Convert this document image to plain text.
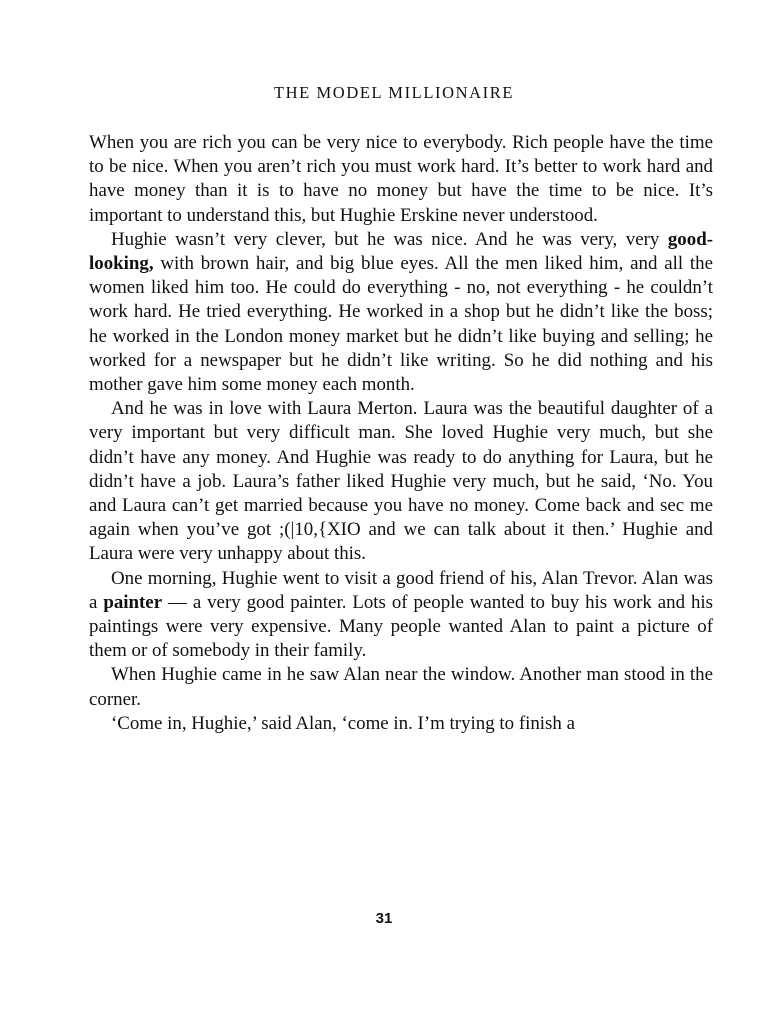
THE MODEL MILLIONAIRE

When you are rich you can be very nice to everybody. Rich people have the time to be nice. When you aren’t rich you must work hard. It’s better to work hard and have money than it is to have no money but have the time to be nice. It’s important to understand this, but Hughie Erskine never understood.

Hughie wasn’t very clever, but he was nice. And he was very, very good-looking, with brown hair, and big blue eyes. All the men liked him, and all the women liked him too. He could do everything - no, not everything - he couldn’t work hard. He tried everything. He worked in a shop but he didn’t like the boss; he worked in the London money market but he didn’t like buying and selling; he worked for a newspaper but he didn’t like writing. So he did nothing and his mother gave him some money each month.

And he was in love with Laura Merton. Laura was the beautiful daughter of a very important but very difficult man. She loved Hughie very much, but she didn’t have any money. And Hughie was ready to do anything for Laura, but he didn’t have a job. Laura’s father liked Hughie very much, but he said, ‘No. You and Laura can’t get married because you have no money. Come back and sec me again when you’ve got ;(|10,{XIO and we can talk about it then.’ Hughie and Laura were very unhappy about this.

One morning, Hughie went to visit a good friend of his, Alan Trevor. Alan was a painter — a very good painter. Lots of people wanted to buy his work and his paintings were very expensive. Many people wanted Alan to paint a picture of them or of somebody in their family.

When Hughie came in he saw Alan near the window. Another man stood in the corner.

‘Come in, Hughie,’ said Alan, ‘come in. I’m trying to finish a

31
